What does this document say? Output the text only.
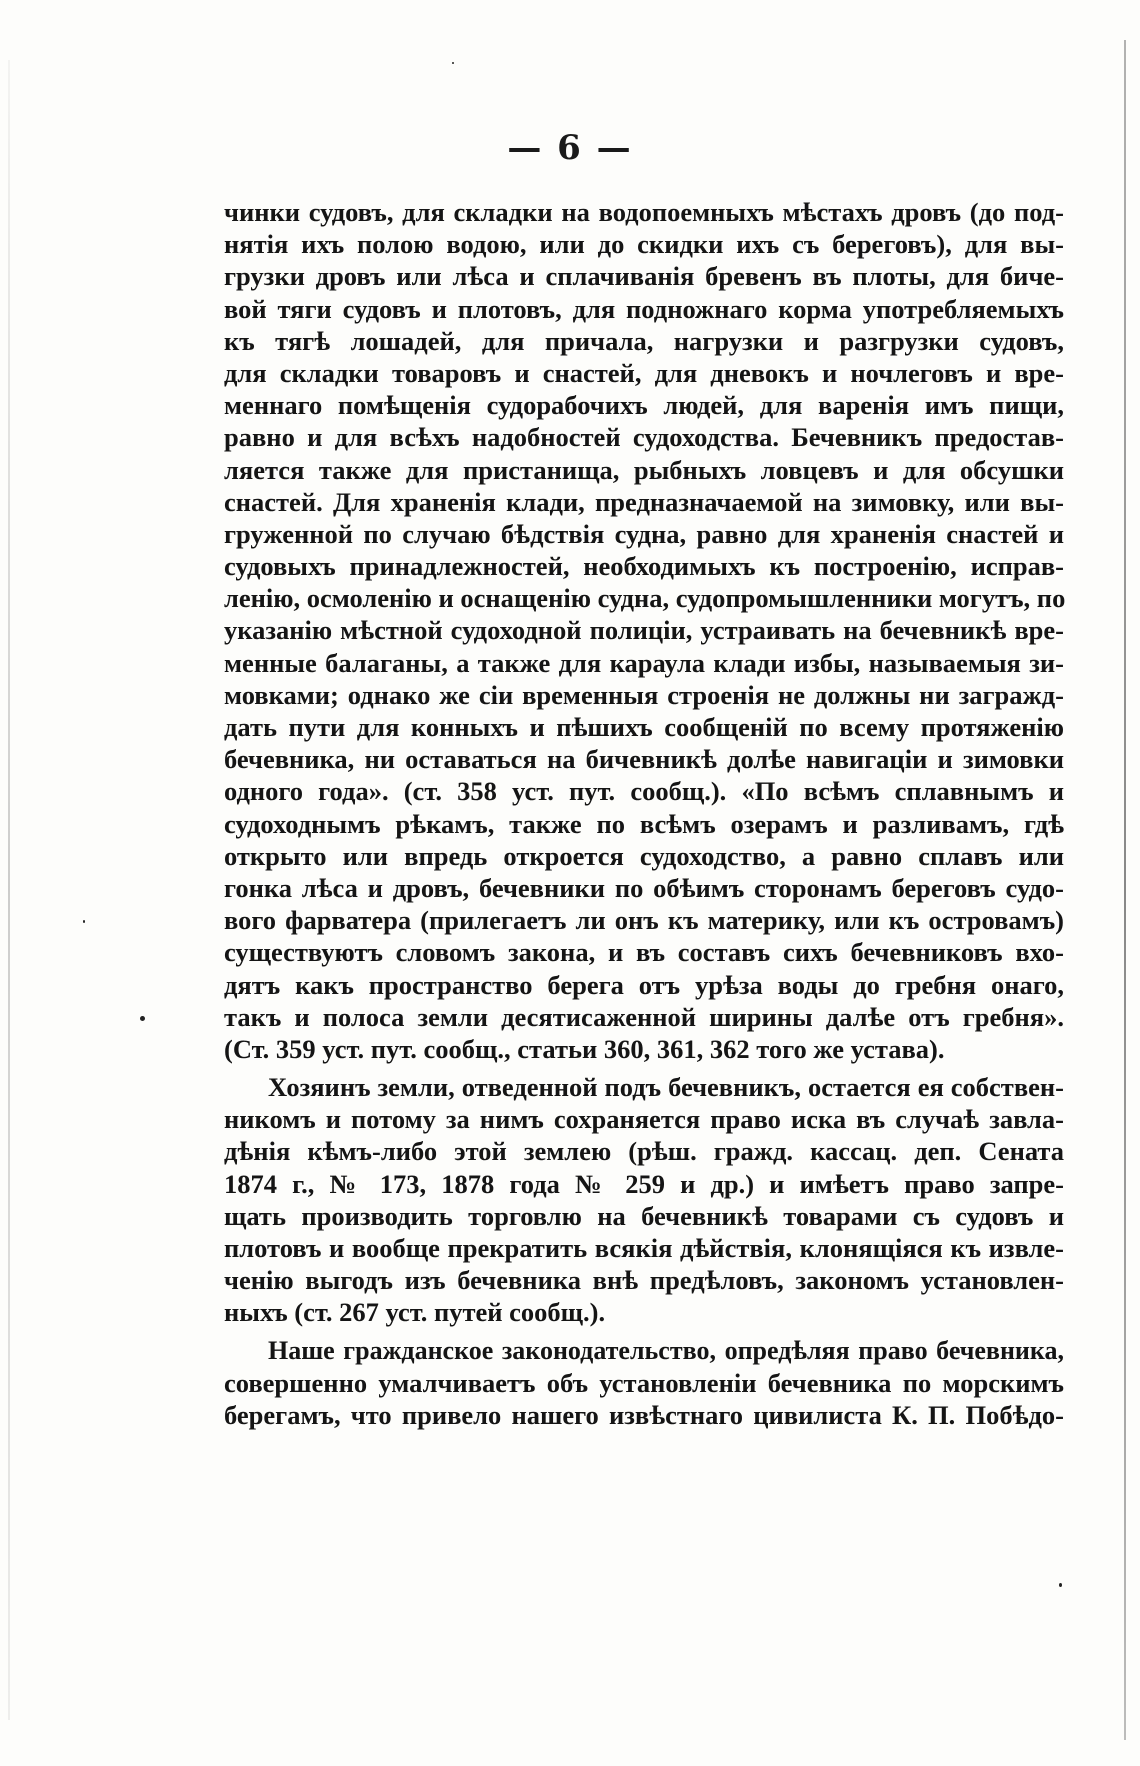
— 6 —
чинки судовъ, для складки на водопоемныхъ мѣстахъ дровъ (до под-
нятія ихъ полою водою, или до скидки ихъ съ береговъ), для вы-
грузки дровъ или лѣса и сплачиванія бревенъ въ плоты, для бичe-
вой тяги судовъ и плотовъ, для подножнаго корма употребляемыхъ
къ тягѣ лошадей, для причала, нагрузки и разгрузки судовъ,
для складки товаровъ и снастей, для дневокъ и ночлеговъ и вре-
меннаго помѣщенія судорабочихъ людей, для варенія имъ пищи,
равно и для всѣхъ надобностей судоходства. Бечевникъ предостав-
ляется также для пристанища, рыбныхъ ловцевъ и для обсушки
снастей. Для храненія клади, предназначаемой на зимовку, или вы-
груженной по случаю бѣдствія судна, равно для храненія снастей и
судовыхъ принадлежностей, необходимыхъ къ построенію, исправ-
ленію, осмоленію и оснащенію судна, судопромышленники могутъ, по
указанію мѣстной судоходной полиціи, устраивать на бечевникѣ вре-
менные балаганы, а также для караула клади избы, называемыя зи-
мовками; однако же сіи временныя строенія не должны ни загражд-
дать пути для конныхъ и пѣшихъ сообщеній по всему протяженію
бечевника, ни оставаться на бичевникѣ долѣе навигаціи и зимовки
одного года». (ст. 358 уст. пут. сообщ.). «По всѣмъ сплавнымъ и
судоходнымъ рѣкамъ, также по всѣмъ озерамъ и разливамъ, гдѣ
открыто или впредь откроется судоходство, а равно сплавъ или
гонка лѣса и дровъ, бечевники по обѣимъ сторонамъ береговъ судо-
вого фарватера (прилегаетъ ли онъ къ материку, или къ островамъ)
существуютъ словомъ закона, и въ составъ сихъ бечевниковъ вхо-
дятъ какъ пространство берега отъ урѣза воды до гребня онаго,
такъ и полоса земли десятисаженной ширины далѣе отъ гребня».
(Ст. 359 уст. пут. сообщ., статьи 360, 361, 362 того же устава).
Хозяинъ земли, отведенной подъ бечевникъ, остается ея собствен-
никомъ и потому за нимъ сохраняется право иска въ случаѣ завла-
дѣнія кѣмъ-либо этой землею (рѣш. гражд. кассац. деп. Сената
1874 г., № 173, 1878 года № 259 и др.) и имѣетъ право запре-
щать производить торговлю на бечевникѣ товарами съ судовъ и
плотовъ и вообще прекратить всякія дѣйствія, клонящіяся къ извле-
ченію выгодъ изъ бечевника внѣ предѣловъ, закономъ установлен-
ныхъ (ст. 267 уст. путей сообщ.).
Наше гражданское законодательство, опредѣляя право бечевника,
совершенно умалчиваетъ объ установленіи бечевника по морскимъ
берегамъ, что привело нашего извѣстнаго цивилиста К. П. Побѣдо-
